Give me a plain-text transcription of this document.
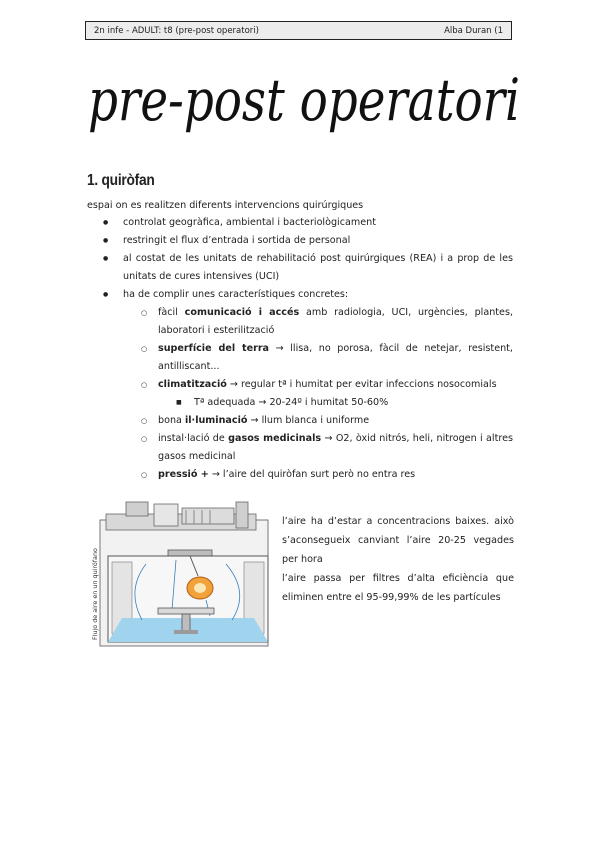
2n infe - ADULT: t8 (pre-post operatori)	Alba Duran (1
pre-post operatori
1. quiròfan
espai on es realitzen diferents intervencions quirúrgiques
● controlat geogràfica, ambiental i bacteriològicament
● restringit el flux d’entrada i sortida de personal
● al costat de les unitats de rehabilitació post quirúrgiques (REA) i a prop de les unitats de cures intensives (UCI)
● ha de complir unes característiques concretes:
○ fàcil comunicació i accés amb radiologia, UCI, urgències, plantes, laboratori i esterilització
○ superfície del terra → llisa, no porosa, fàcil de netejar, resistent, antilliscant...
○ climatització → regular tª i humitat per evitar infeccions nosocomials
■ Tª adequada → 20-24º i humitat 50-60%
○ bona il·luminació → llum blanca i uniforme
○ instal·lació de gasos medicinals → O2, òxid nitrós, heli, nitrogen i altres gasos medicinal
○ pressió + → l’aire del quiròfan surt però no entra res
Flujo de aire en un quirófano

l’aire ha d’estar a concentracions baixes. això s’aconsegueix canviant l’aire 20-25 vegades per hora

l’aire passa per filtres d’alta eficiència que eliminen entre el 95-99,99% de les partícules
